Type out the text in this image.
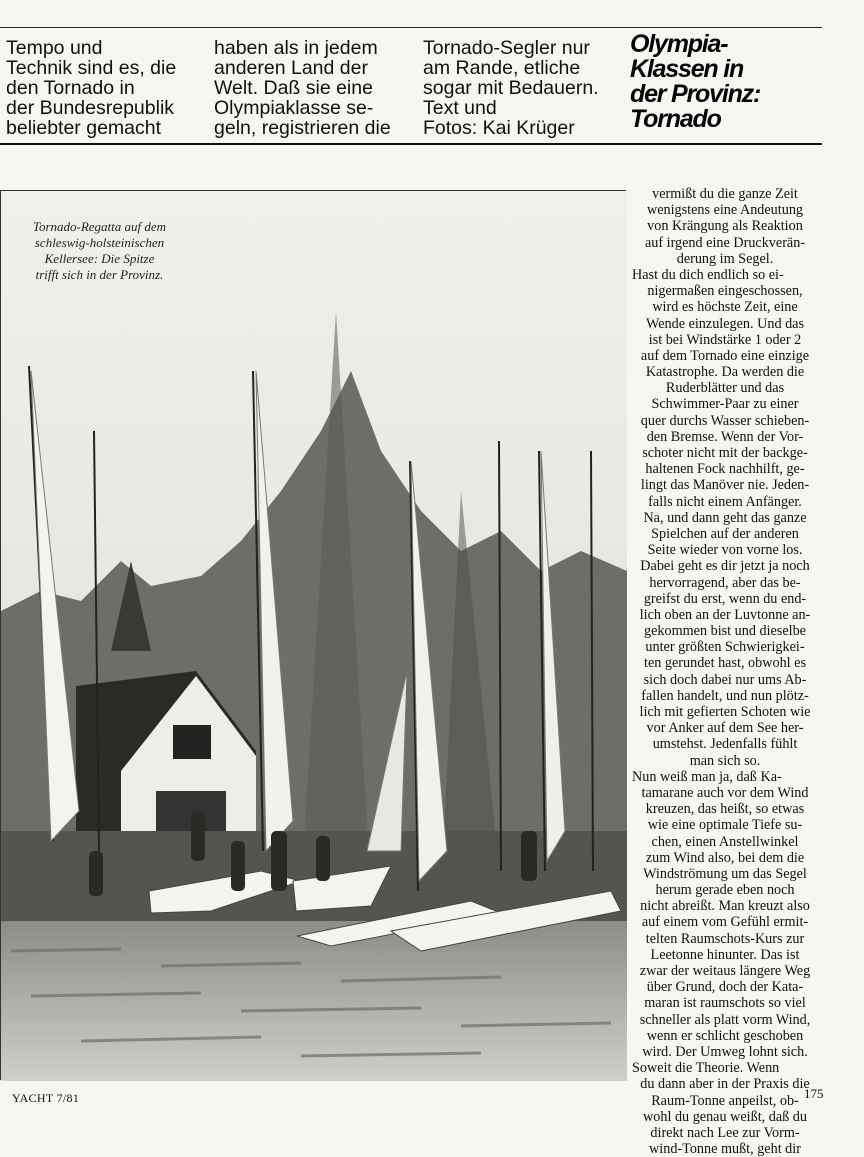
Tempo und
Technik sind es, die
den Tornado in
der Bundesrepublik
beliebter gemacht
haben als in jedem
anderen Land der
Welt. Daß sie eine
Olympiaklasse se-
geln, registrieren die
Tornado-Segler nur
am Rande, etliche
sogar mit Bedauern.
Text und
Fotos: Kai Krüger
Olympia-
Klassen in
der Provinz:
Tornado
Tornado-Regatta auf dem
schleswig-holsteinischen
Kellersee: Die Spitze
trifft sich in der Provinz.
vermißt du die ganze Zeit
wenigstens eine Andeutung
von Krängung als Reaktion
auf irgend eine Druckverän-
derung im Segel.
Hast du dich endlich so ei-
nigermaßen eingeschossen,
wird es höchste Zeit, eine
Wende einzulegen. Und das
ist bei Windstärke 1 oder 2
auf dem Tornado eine einzige
Katastrophe. Da werden die
Ruderblätter und das
Schwimmer-Paar zu einer
quer durchs Wasser schieben-
den Bremse. Wenn der Vor-
schoter nicht mit der backge-
haltenen Fock nachhilft, ge-
lingt das Manöver nie. Jeden-
falls nicht einem Anfänger.
Na, und dann geht das ganze
Spielchen auf der anderen
Seite wieder von vorne los.
Dabei geht es dir jetzt ja noch
hervorragend, aber das be-
greifst du erst, wenn du end-
lich oben an der Luvtonne an-
gekommen bist und dieselbe
unter größten Schwierigkei-
ten gerundet hast, obwohl es
sich doch dabei nur ums Ab-
fallen handelt, und nun plötz-
lich mit gefierten Schoten wie
vor Anker auf dem See her-
umstehst. Jedenfalls fühlt
man sich so.
Nun weiß man ja, daß Ka-
tamarane auch vor dem Wind
kreuzen, das heißt, so etwas
wie eine optimale Tiefe su-
chen, einen Anstellwinkel
zum Wind also, bei dem die
Windströmung um das Segel
herum gerade eben noch
nicht abreißt. Man kreuzt also
auf einem vom Gefühl ermit-
telten Raumschots-Kurs zur
Leetonne hinunter. Das ist
zwar der weitaus längere Weg
über Grund, doch der Kata-
maran ist raumschots so viel
schneller als platt vorm Wind,
wenn er schlicht geschoben
wird. Der Umweg lohnt sich.
Soweit die Theorie. Wenn
du dann aber in der Praxis die
Raum-Tonne anpeilst, ob-
wohl du genau weißt, daß du
direkt nach Lee zur Vorm-
wind-Tonne mußt, geht dir
YACHT 7/81	175
